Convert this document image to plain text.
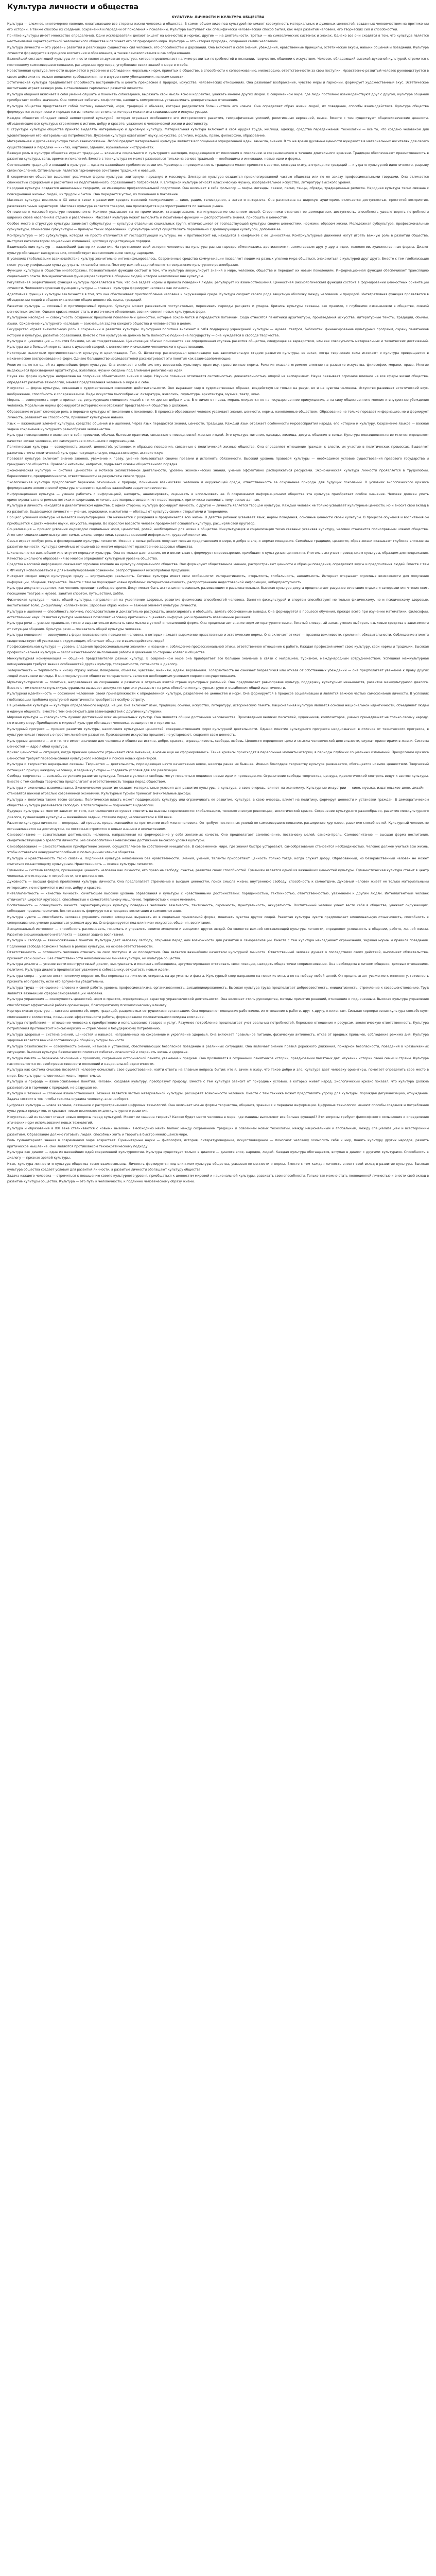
Культура личности и общества
КУЛЬТУРА: ЛИЧНОСТИ И КУЛЬТУРА ОБЩЕСТВА

Культура — сложное, многомерное явление, охватывающее все стороны жизни человека и общества. В самом общем виде под культурой понимают совокупность материальных и духовных ценностей, созданных человечеством на протяжении его истории, а также способы их создания, сохранения и передачи от поколения к поколению. Культура выступает как специфически человеческий способ бытия, как мера развития человека, его творческих сил и способностей.

Понятие культуры имеет множество определений. Одни исследователи делают акцент на ценностях и нормах, другие — на деятельности, третьи — на символических системах и знаках. Однако все они сходятся в том, что культура является неотъемлемой характеристикой человеческого общества и отличает его от природного мира. Культура — это «вторая природа», созданная самим человеком.

Культура личности — это уровень развития и реализации сущностных сил человека, его способностей и дарований. Она включает в себя знания, убеждения, нравственные принципы, эстетические вкусы, навыки общения и поведения. Культура личности формируется в процессе воспитания и образования, а также самовоспитания и самообразования.

Важнейшей составляющей культуры личности является духовная культура, которая предполагает наличие развитых потребностей в познании, творчестве, общении с искусством. Человек, обладающий высокой духовной культурой, стремится к постоянному самосовершенствованию, расширению кругозора, углублению своих знаний о мире и о себе.

Нравственная культура личности выражается в усвоении и соблюдении моральных норм, принятых в обществе, в способности к сопереживанию, милосердию, ответственности за свои поступки. Нравственно развитый человек руководствуется в своих действиях не только внешними требованиями, но и внутренними убеждениями, голосом совести.

Эстетическая культура предполагает способность воспринимать и ценить прекрасное в природе, искусстве, человеческих отношениях. Она развивает воображение, чувство меры и гармонии, формирует художественный вкус. Эстетическое воспитание играет важную роль в становлении гармонично развитой личности.

Культура общения включает в себя умение слушать и понимать собеседника, выражать свои мысли ясно и корректно, уважать мнение других людей. В современном мире, где люди постоянно взаимодействуют друг с другом, культура общения приобретает особое значение. Она помогает избегать конфликтов, находить компромиссы, устанавливать доверительные отношения.

Культура общества представляет собой систему ценностей, норм, традиций и обычаев, которые разделяются большинством его членов. Она определяет образ жизни людей, их поведение, способы взаимодействия. Культура общества формируется исторически и передается из поколения в поколение через механизмы социализации и инкультурации.

Каждое общество обладает своей неповторимой культурой, которая отражает особенности его исторического развития, географических условий, религиозных верований, языка. Вместе с тем существуют общечеловеческие ценности, объединяющие все культуры: стремление к истине, добру и красоте, уважение к человеческой жизни и достоинству.

В структуре культуры общества принято выделять материальную и духовную культуру. Материальная культура включает в себя орудия труда, жилища, одежду, средства передвижения, технологии — всё то, что создано человеком для удовлетворения его материальных потребностей. Духовная культура охватывает науку, искусство, религию, мораль, право, философию, образование.

Материальная и духовная культура тесно взаимосвязаны. Любой предмет материальной культуры является воплощением определенной идеи, замысла, знания. В то же время духовные ценности нуждаются в материальных носителях для своего существования и передачи — книгах, картинах, зданиях, музыкальных инструментах.

Важную роль в культуре общества играют традиции — элементы социального и культурного наследия, передающиеся от поколения к поколению и сохраняющиеся в течение длительного времени. Традиции обеспечивают преемственность в развитии культуры, связь времен и поколений. Вместе с тем культура не может развиваться только на основе традиций — необходимы и инновации, новые идеи и формы.

Соотношение традиций и новаций в культуре — одна из важнейших проблем ее развития. Чрезмерная приверженность традициям может привести к застою, консерватизму, а отрицание традиций — к утрате культурной идентичности, разрыву связи поколений. Оптимальным является гармоничное сочетание традиций и новаций.

В современном обществе выделяют различные формы культуры: элитарную, народную и массовую. Элитарная культура создается привилегированной частью общества или по ее заказу профессиональными творцами. Она отличается сложностью содержания и рассчитана на подготовленного, образованного потребителя. К элитарной культуре относят классическую музыку, изобразительное искусство, литературу высокого уровня.

Народная культура создается анонимными творцами, не имеющими профессиональной подготовки. Она включает в себя фольклор — мифы, легенды, сказки, песни, танцы, обряды, традиционные ремесла. Народная культура тесно связана с повседневной жизнью людей, их трудом и бытом. Она передается устно, из поколения в поколение.

Массовая культура возникла в XX веке в связи с развитием средств массовой коммуникации — кино, радио, телевидения, а затем и интернета. Она рассчитана на широкую аудиторию, отличается доступностью, простотой восприятия, развлекательным характером. Массовая культура является товаром, она производится и распространяется по законам рынка.

Отношение к массовой культуре неоднозначно. Критики указывают на ее примитивизм, стандартизацию, манипулирование сознанием людей. Сторонники отмечают ее демократизм, доступность, способность удовлетворять потребности широких слоев населения в отдыхе и развлечении. Массовая культура может выполнять и позитивные функции — распространять знания, приобщать к ценностям.

Особое место в структуре культуры занимают субкультуры — культуры отдельных социальных групп, отличающиеся от господствующей культуры своими ценностями, нормами, образом жизни. Молодежная субкультура, профессиональные субкультуры, этнические субкультуры — примеры таких образований. Субкультуры могут существовать параллельно с доминирующей культурой, дополняя ее.

Контркультура — это субкультура, которая не просто отличается от господствующей культуры, но и противостоит ей, находится в конфликте с ее ценностями. Контркультурные движения могут играть важную роль в развитии общества, выступая катализатором социальных изменений, критикуя существующие порядки.

Взаимодействие культур — важнейший фактор их развития. На протяжении всей истории человечества культуры разных народов обменивались достижениями, заимствовали друг у друга идеи, технологии, художественные формы. Диалог культур обогащает каждую из них, способствует взаимопониманию между народами.

В условиях глобализации взаимодействие культур значительно интенсифицировалось. Современные средства коммуникации позволяют людям из разных уголков мира общаться, знакомиться с культурой друг друга. Вместе с тем глобализация несет угрозу унификации культур, утраты их самобытности. Поэтому важной задачей является сохранение культурного разнообразия.

Функции культуры в обществе многообразны. Познавательная функция состоит в том, что культура аккумулирует знания о мире, человеке, обществе и передает их новым поколениям. Информационная функция обеспечивает трансляцию социального опыта. Коммуникативная функция реализуется в общении людей, которое невозможно вне культуры.

Регулятивная (нормативная) функция культуры проявляется в том, что она задает нормы и правила поведения людей, регулирует их взаимоотношения. Ценностная (аксиологическая) функция состоит в формировании ценностных ориентаций личности. Человекотворческая функция культуры — главная: культура формирует человека как личность.

Адаптивная функция культуры заключается в том, что она обеспечивает приспособление человека к окружающей среде. Культура создает своего рода защитную оболочку между человеком и природой. Интегративная функция проявляется в объединении людей в общности на основе общих ценностей, языка, традиций.

Развитие культуры — сложный и противоречивый процесс. Культура может развиваться поступательно, переживать периоды расцвета и упадка. Кризисы культуры связаны, как правило, с глубокими изменениями в обществе, сменой ценностных систем. Однако кризис может стать и источником обновления, возникновения новых культурных форм.

Культурное наследие — совокупность созданных прошлыми поколениями ценностей, которые сохраняются и передаются потомкам. Сюда относятся памятники архитектуры, произведения искусства, литературные тексты, традиции, обычаи, языки. Сохранение культурного наследия — важнейшая задача каждого общества и человечества в целом.

Государство играет значительную роль в сохранении и развитии культуры. Культурная политика включает в себя поддержку учреждений культуры — музеев, театров, библиотек, финансирование культурных программ, охрану памятников истории и культуры, развитие образования. Вместе с тем культура не должна быть полностью подчинена государству — она нуждается в свободе творчества.

Культура и цивилизация — понятия близкие, но не тождественные. Цивилизация обычно понимается как определенная ступень развития общества, следующая за варварством, или как совокупность материальных и технических достижений. Культура же в большей мере связана с духовной сферой, с ценностями и смыслами человеческого существования.

Некоторые мыслители противопоставляли культуру и цивилизацию. Так, О. Шпенглер рассматривал цивилизацию как заключительную стадию развития культуры, ее закат, когда творческие силы иссякают и культура превращается в механическое воспроизведение форм. Однако большинство исследователей рассматривают эти понятия как взаимодополняющие.

Религия является одной из древнейших форм культуры. Она включает в себя систему верований, культовую практику, нравственные нормы. Религия оказала огромное влияние на развитие искусства, философии, морали, права. Многие выдающиеся произведения архитектуры, живописи, музыки созданы под влиянием религиозных идей.

Наука как форма культуры направлена на получение объективного знания о мире. Научное познание отличается системностью, доказательностью, опорой на эксперимент. Наука оказывает огромное влияние на все сферы жизни общества, определяет развитие технологий, меняет представления человека о мире и о себе.

Искусство — форма культуры, связанная с художественным освоением действительности. Оно выражает мир в художественных образах, воздействуя не только на разум, но и на чувства человека. Искусство развивает эстетический вкус, воображение, способность к сопереживанию. Виды искусства многообразны: литература, живопись, скульптура, архитектура, музыка, театр, кино.

Мораль — совокупность норм и принципов, регулирующих поведение людей с точки зрения добра и зла. В отличие от права, мораль опирается не на государственное принуждение, а на силу общественного мнения и внутренние убеждения человека. Моральные нормы формируются исторически и отражают представления общества о должном.

Образование играет ключевую роль в передаче культуры от поколения к поколению. В процессе образования человек усваивает знания, ценности, нормы, накопленные обществом. Образование не только передает информацию, но и формирует личность, развивает ее способности, прививает культурные навыки.

Язык — важнейший элемент культуры, средство общения и мышления. Через язык передаются знания, ценности, традиции. Каждый язык отражает особенности мировосприятия народа, его историю и культуру. Сохранение языков — важная задача сохранения культурного разнообразия человечества.

Культура повседневности включает в себя привычки, обычаи, бытовые практики, связанные с повседневной жизнью людей. Это культура питания, одежды, жилища, досуга, общения в семье. Культура повседневности во многом определяет качество жизни человека, его самочувствие и отношения с окружающими.

Политическая культура — совокупность знаний, ценностей, установок и образцов поведения, связанных с политической жизнью общества. Она определяет отношение граждан к власти, их участие в политических процессах. Выделяют различные типы политической культуры: патриархальную, подданническую, активистскую.

Правовая культура включает знание законов, уважение к праву, умение пользоваться своими правами и исполнять обязанности. Высокий уровень правовой культуры — необходимое условие существования правового государства и гражданского общества. Правовой нигилизм, напротив, подрывает основы общественного порядка.

Экономическая культура — система ценностей и мотивов хозяйственной деятельности, уровень экономических знаний, умение эффективно распоряжаться ресурсами. Экономическая культура личности проявляется в трудолюбии, бережливости, предприимчивости, ответственности за результаты своего труда.

Экологическая культура предполагает бережное отношение к природе, понимание взаимосвязи человека и окружающей среды, ответственность за сохранение природы для будущих поколений. В условиях экологического кризиса формирование экологической культуры становится одной из важнейших задач человечества.

Информационная культура — умение работать с информацией, находить, анализировать, оценивать и использовать ее. В современном информационном обществе эта культура приобретает особое значение. Человек должен уметь ориентироваться в огромных потоках информации, отличать достоверные сведения от недостоверных, критически оценивать получаемые данные.

Культура и личность находятся в диалектическом единстве. С одной стороны, культура формирует личность, с другой — личность является творцом культуры. Каждый человек не только усваивает культурные ценности, но и вносит свой вклад в их развитие. Выдающиеся личности — ученые, художники, мыслители — обогащают культуру своими открытиями и творениями.

Процесс усвоения культуры называется инкультурацией. Он начинается с рождения и продолжается всю жизнь. В детстве ребенок усваивает язык, нормы поведения, основные ценности своей культуры. В процессе обучения и воспитания он приобщается к достижениям науки, искусства, морали. Во взрослом возрасте человек продолжает осваивать культуру, расширяя свой кругозор.

Социализация — процесс усвоения индивидом социальных норм, ценностей, ролей, необходимых для жизни в обществе. Инкультурация и социализация тесно связаны: усваивая культуру, человек становится полноправным членом общества. Агентами социализации выступают семья, школа, сверстники, средства массовой информации, трудовой коллектив.

Семья играет особую роль в формировании культуры личности. Именно в семье ребенок получает первые представления о мире, о добре и зле, о нормах поведения. Семейные традиции, ценности, образ жизни оказывают глубокое влияние на развитие личности. Культура семейных отношений во многом определяет нравственное здоровье общества.

Школа является важнейшим институтом передачи культуры. Она не только дает знания, но и воспитывает, формирует мировоззрение, приобщает к культурным ценностям. Учитель выступает проводником культуры, образцом для подражания. Качество школьного образования во многом определяет культурный уровень общества.

Средства массовой информации оказывают огромное влияние на культуру современного общества. Они формируют общественное мнение, распространяют ценности и образцы поведения, определяют вкусы и предпочтения людей. Вместе с тем СМИ могут использоваться и для манипулирования сознанием, распространения низкопробной продукции.

Интернет создал новую культурную среду — виртуальную реальность. Сетевая культура имеет свои особенности: интерактивность, открытость, глобальность, анонимность. Интернет открывает огромные возможности для получения информации, общения, творчества. Вместе с тем он порождает новые проблемы: интернет-зависимость, распространение недостоверной информации, киберпреступность.

Культура досуга определяет, как человек проводит свободное время. Досуг может быть активным и пассивным, развивающим и развлекательным. Высокая культура досуга предполагает разумное сочетание отдыха и саморазвития: чтение книг, посещение театров и музеев, занятия спортом, путешествия, хобби.

Физическая культура — часть общей культуры, направленная на укрепление здоровья, развитие физических способностей человека. Занятия физкультурой и спортом способствуют не только физическому, но и психическому здоровью, воспитывают волю, дисциплину, коллективизм. Здоровый образ жизни — важный элемент культуры личности.

Культура мышления — способность логично, последовательно и доказательно рассуждать, анализировать и обобщать, делать обоснованные выводы. Она формируется в процессе обучения, прежде всего при изучении математики, философии, естественных наук. Развитая культура мышления позволяет человеку критически оценивать информацию и принимать взвешенные решения.

Культура речи — умение правильно, точно и выразительно излагать свои мысли в устной и письменной форме. Она предполагает знание норм литературного языка, богатый словарный запас, умение выбирать языковые средства в зависимости от ситуации общения. Культура речи — показатель общей культуры человека.

Культура поведения — совокупность форм повседневного поведения человека, в которых находят выражение нравственные и эстетические нормы. Она включает этикет — правила вежливости, приличия, обходительности. Соблюдение этикета свидетельствует об уважении к окружающим, облегчает общение и взаимодействие людей.

Профессиональная культура — уровень владения профессиональными знаниями и навыками, соблюдение профессиональной этики, ответственное отношение к работе. Каждая профессия имеет свою культуру, свои нормы и традиции. Высокая профессиональная культура — залог качественного выполнения работы и уважения со стороны коллег и общества.

Межкультурная коммуникация — общение представителей разных культур. В современном мире она приобретает все большее значение в связи с миграцией, туризмом, международным сотрудничеством. Успешная межкультурная коммуникация требует знания особенностей других культур, толерантности, готовности к диалогу.

Толерантность — терпимость к иному образу жизни, поведению, обычаям, чувствам, мнениям, идеям, верованиям. Толерантность не означает безразличия или отказа от собственных убеждений — она предполагает уважение к праву других людей иметь свои взгляды. В многокультурном обществе толерантность является необходимым условием мирного сосуществования.

Мультикультурализм — политика, направленная на сохранение и развитие в отдельно взятой стране культурных различий. Она предполагает равноправие культур, поддержку культурных меньшинств, развитие межкультурного диалога. Вместе с тем политика мультикультурализма вызывает дискуссии: критики указывают на риск обособления культурных групп и ослабления общей идентичности.

Культурная идентичность — осознание человеком своей принадлежности к определенной культуре, разделение ее ценностей и норм. Она формируется в процессе социализации и является важной частью самосознания личности. В условиях глобализации проблема культурной идентичности приобретает особую остроту.

Национальная культура — культура определенного народа, нации. Она включает язык, традиции, обычаи, искусство, литературу, историческую память. Национальная культура является основой национальной идентичности, объединяет людей в единую общность. Вместе с тем она открыта для взаимодействия с другими культурами.

Мировая культура — совокупность лучших достижений всех национальных культур. Она является общим достоянием человечества. Произведения великих писателей, художников, композиторов, ученых принадлежат не только своему народу, но и всему миру. Приобщение к мировой культуре обогащает человека, расширяет его горизонты.

Культурный прогресс — процесс развития культуры, накопления культурных ценностей, совершенствования форм культурной деятельности. Однако понятие культурного прогресса неоднозначно: в отличие от технического прогресса, в культуре нельзя говорить о простом линейном развитии. Произведения искусства прошлого не устаревают, сохраняя свою ценность.

Культурные ценности — это то, что имеет значение для человека и общества: истина, добро, красота, справедливость, свобода, любовь. Ценности определяют цели и смыслы человеческой деятельности, служат ориентирами в жизни. Система ценностей — ядро любой культуры.

Кризис ценностей — ситуация, когда прежние ценности утрачивают свое значение, а новые еще не сформировались. Такие кризисы происходят в переломные моменты истории, в периоды глубоких социальных изменений. Преодоление кризиса ценностей требует переосмысления культурного наследия и поиска новых ориентиров.

Культура и творчество неразрывно связаны. Творчество — деятельность, порождающая нечто качественно новое, никогда ранее не бывшее. Именно благодаря творчеству культура развивается, обогащается новыми ценностями. Творческий потенциал присущ каждому человеку, и задача культуры — создавать условия для его реализации.

Свобода творчества — важнейшее условие развития культуры. Только в условиях свободы могут появляться подлинно новые идеи и произведения. Ограничение свободы творчества, цензура, идеологический контроль ведут к застою культуры. Вместе с тем свобода творчества предполагает и ответственность творца перед обществом.

Культура и экономика взаимосвязаны. Экономическое развитие создает материальные условия для развития культуры, а культура, в свою очередь, влияет на экономику. Культурные индустрии — кино, музыка, издательское дело, дизайн — становятся важной отраслью современной экономики. Культурный туризм приносит значительные доходы.

Культура и политика также тесно связаны. Политическая власть может поддерживать культуру или ограничивать ее развитие. Культура, в свою очередь, влияет на политику, формируя ценности и установки граждан. В демократическом обществе культура развивается свободно, в тоталитарном — подчиняется идеологии.

Будущее культуры во многом зависит от того, как человечество сумеет ответить на вызовы современности: глобализацию, технологическую революцию, экологический кризис. Сохранение культурного разнообразия, развитие межкультурного диалога, гуманизация культуры — важнейшие задачи, стоящие перед человечеством в XXI веке.

Развитие культуры личности — непрерывный процесс, продолжающийся на протяжении всей жизни человека. Он требует постоянных усилий по самосовершенствованию, расширению кругозора, развитию способностей. Культурный человек не останавливается на достигнутом, он постоянно стремится к новым знаниям и впечатлениям.

Самовоспитание — сознательная деятельность человека, направленная на формирование у себя желаемых качеств. Оно предполагает самопознание, постановку целей, самоконтроль. Самовоспитание — высшая форма воспитания, свидетельствующая о зрелости личности. Без самовоспитания невозможно достижение высокого уровня культуры.

Самообразование — самостоятельное приобретение знаний, осуществляемое по собственной инициативе. В современном мире, где знания быстро устаревают, самообразование становится необходимостью. Человек должен учиться всю жизнь, чтобы оставаться конкурентоспособным и полноценным членом общества.

Культура и нравственность тесно связаны. Подлинная культура невозможна без нравственности. Знания, умения, таланты приобретают ценность только тогда, когда служат добру. Образованный, но безнравственный человек не может считаться по-настоящему культурным. Нравственность — основа культуры личности.

Гуманизм — система взглядов, признающая ценность человека как личности, его право на свободу, счастье, развитие своих способностей. Гуманизм является одной из важнейших ценностей культуры. Гуманистическая культура ставит в центр человека, его интересы и потребности, его достоинство.

Духовность — высшая форма проявления культуры личности. Она предполагает стремление к высшим ценностям, поиск смысла жизни, внутреннюю свободу, способность к самоотдаче. Духовный человек живет не только материальными интересами, но и стремится к истине, добру и красоте.

Интеллигентность — качество личности, сочетающее высокий уровень образования и культуры с нравственными достоинствами: порядочностью, тактичностью, ответственностью, уважением к другим людям. Интеллигентный человек отличается широтой кругозора, способностью к самостоятельному мышлению, терпимостью к иным мнениям.

Воспитанность — совокупность качеств, характеризующих культуру поведения человека: вежливость, тактичность, скромность, пунктуальность, аккуратность. Воспитанный человек умеет вести себя в обществе, уважает окружающих, соблюдает правила приличия. Воспитанность формируется в процессе воспитания и самовоспитания.

Культура чувств — способность человека управлять своими эмоциями, выражать их в социально приемлемой форме, понимать чувства других людей. Развитая культура чувств предполагает эмоциональную отзывчивость, способность к сопереживанию, умение радоваться успехам других. Она формируется под влиянием искусства, общения, воспитания.

Эмоциональный интеллект — способность распознавать, понимать и управлять своими эмоциями и эмоциями других людей. Он является важной составляющей культуры личности, определяет успешность в общении, работе, личной жизни. Развитие эмоционального интеллекта — важная задача воспитания.

Культура и свобода — взаимосвязанные понятия. Культура дает человеку свободу, открывая перед ним возможности для развития и самореализации. Вместе с тем культура накладывает ограничения, задавая нормы и правила поведения. Подлинная свобода возможна только в рамках культуры, на основе ответственности.

Ответственность — готовность человека отвечать за свои поступки и их последствия. Она является важнейшим качеством культурной личности. Ответственный человек думает о последствиях своих действий, выполняет обязательства, признает свои ошибки. Без ответственности невозможны ни личная культура, ни культура общества.

Культура диалога — умение вести конструктивный диалог, выслушивать и понимать собеседника, аргументированно отстаивать свою позицию, находить общие точки соприкосновения. Она необходима в личном общении, деловых отношениях, политике. Культура диалога предполагает уважение к собеседнику, открытость новым идеям.

Культура спора — умение вести полемику корректно, без перехода на личности, опираясь на аргументы и факты. Культурный спор направлен на поиск истины, а не на победу любой ценой. Он предполагает уважение к оппоненту, готовность признать его правоту, если его аргументы убедительны.

Культура труда — отношение человека к своей работе, уровень профессионализма, организованность, дисциплинированность. Высокая культура труда предполагает добросовестность, инициативность, стремление к совершенствованию. Труд является важнейшей сферой самореализации человека.

Культура управления — совокупность ценностей, норм и практик, определяющих характер управленческой деятельности. Она включает стиль руководства, методы принятия решений, отношение к подчиненным. Высокая культура управления способствует эффективной работе организации, благоприятному психологическому климату.

Корпоративная культура — система ценностей, норм, традиций, разделяемых сотрудниками организации. Она определяет поведение работников, их отношение к работе, друг к другу, к клиентам. Сильная корпоративная культура способствует сплоченности коллектива, повышению эффективности работы, формированию положительного имиджа компании.

Культура потребления — отношение человека к приобретению и использованию товаров и услуг. Разумное потребление предполагает учет реальных потребностей, бережное отношение к ресурсам, экологическую ответственность. Культура потребления противостоит консьюмеризму — стремлению к безудержному потреблению.

Культура здоровья — система знаний, ценностей и навыков, направленных на сохранение и укрепление здоровья. Она включает правильное питание, физическую активность, отказ от вредных привычек, соблюдение режима дня. Культура здоровья является важной составляющей общей культуры личности.

Культура безопасности — совокупность знаний, навыков и установок, обеспечивающих безопасное поведение в различных ситуациях. Она включает знание правил дорожного движения, пожарной безопасности, поведения в чрезвычайных ситуациях. Высокая культура безопасности помогает избегать опасностей и сохранять жизнь и здоровье.

Культура памяти — бережное отношение к прошлому, сохранение исторической памяти, уважение к предкам. Она проявляется в сохранении памятников истории, праздновании памятных дат, изучении истории своей семьи и страны. Культура памяти является основой преемственности поколений и национальной идентичности.

Культура как система смыслов позволяет человеку осмыслить свое существование, найти ответы на главные вопросы бытия: кто я, зачем я живу, что такое добро и зло. Культура дает человеку ориентиры, помогает определить свое место в мире. Без культуры человеческая жизнь теряет смысл.

Культура и природа — взаимосвязанные понятия. Человек, создавая культуру, преобразует природу. Вместе с тем культура зависит от природных условий, в которых живет народ. Экологический кризис показал, что культура должна развиваться в гармонии с природой, не разрушая ее.

Культура и техника — сложные взаимоотношения. Техника является частью материальной культуры, расширяет возможности человека. Вместе с тем техника может представлять угрозу для культуры, порождая дегуманизацию, отчуждение. Задача состоит в том, чтобы техника служила человеку, а не наоборот.

Цифровая культура — новое явление, связанное с распространением цифровых технологий. Она включает новые формы творчества, общения, хранения и передачи информации. Цифровые технологии меняют способы создания и потребления культурных продуктов, открывают новые возможности для культурного развития.

Искусственный интеллект ставит новые вопросы перед культурой. Может ли машина творить? Каково будет место человека в мире, где машины выполняют все больше функций? Эти вопросы требуют философского осмысления и определения этических норм использования новых технологий.

Культура и образование в XXI веке сталкиваются с новыми вызовами. Необходимо найти баланс между сохранением традиций и освоением новых технологий, между национальным и глобальным, между специализацией и всесторонним развитием. Образование должно готовить людей, способных жить и творить в быстро меняющемся мире.

Роль гуманитарного знания в современном мире возрастает. Гуманитарные науки — философия, история, литературоведение, искусствоведение — помогают человеку осмыслить себя и мир, понять культуру других народов, развить критическое мышление. Они являются противовесом технократическому подходу.

Культура как диалог — одна из важнейших идей современной культурологии. Культура существует только в диалоге — диалоге эпох, народов, людей. Каждая культура обогащается, вступая в диалог с другими культурами. Способность к диалогу — признак зрелой культуры.

Итак, культура личности и культура общества тесно взаимосвязаны. Личность формируется под влиянием культуры общества, усваивая ее ценности и нормы. Вместе с тем каждая личность вносит свой вклад в развитие культуры. Высокая культура общества создает условия для развития личности, а развитые личности обогащают культуру общества.

Задача каждого человека — стремиться к повышению своего культурного уровня, приобщаться к ценностям мировой и национальной культуры, развивать свои способности. Только так можно стать полноценной личностью и внести свой вклад в развитие культуры общества. Культура — это путь к человечности, к подлинно человеческому образу жизни.
